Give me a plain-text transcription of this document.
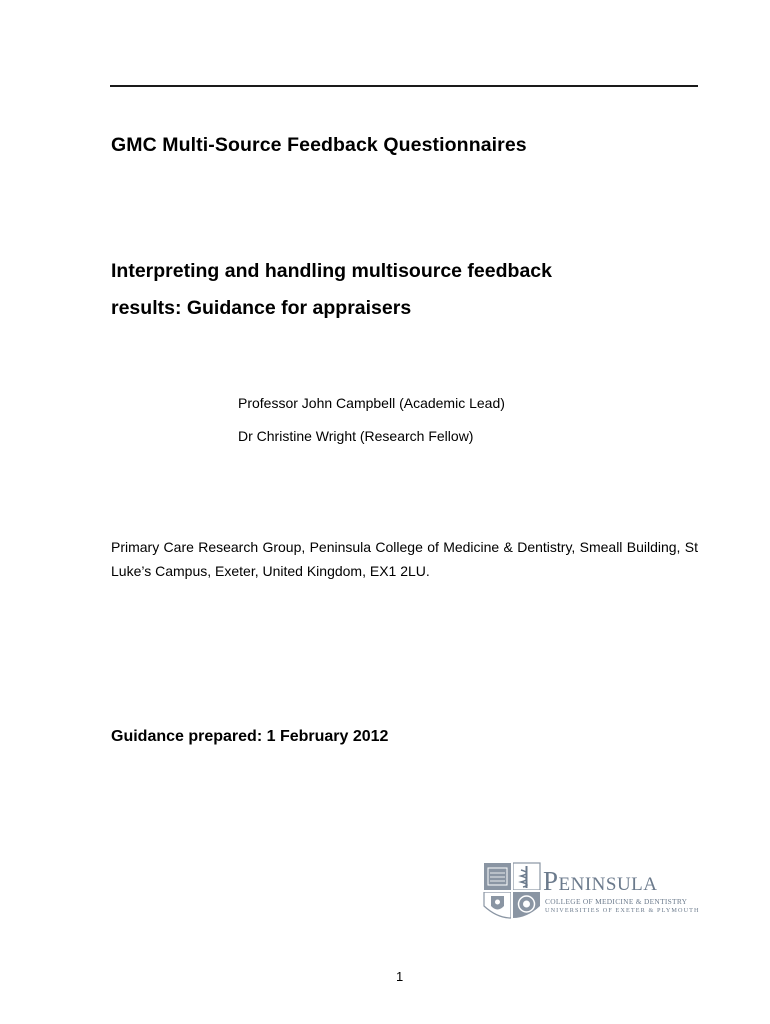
GMC Multi-Source Feedback Questionnaires
Interpreting and handling multisource feedback
results: Guidance for appraisers
Professor John Campbell (Academic Lead)
Dr Christine Wright (Research Fellow)
Primary Care Research Group, Peninsula College of Medicine & Dentistry, Smeall Building, St Luke’s Campus, Exeter, United Kingdom, EX1 2LU.
Guidance prepared: 1 February 2012
Peninsula
COLLEGE OF MEDICINE & DENTISTRY
UNIVERSITIES OF EXETER & PLYMOUTH
1
